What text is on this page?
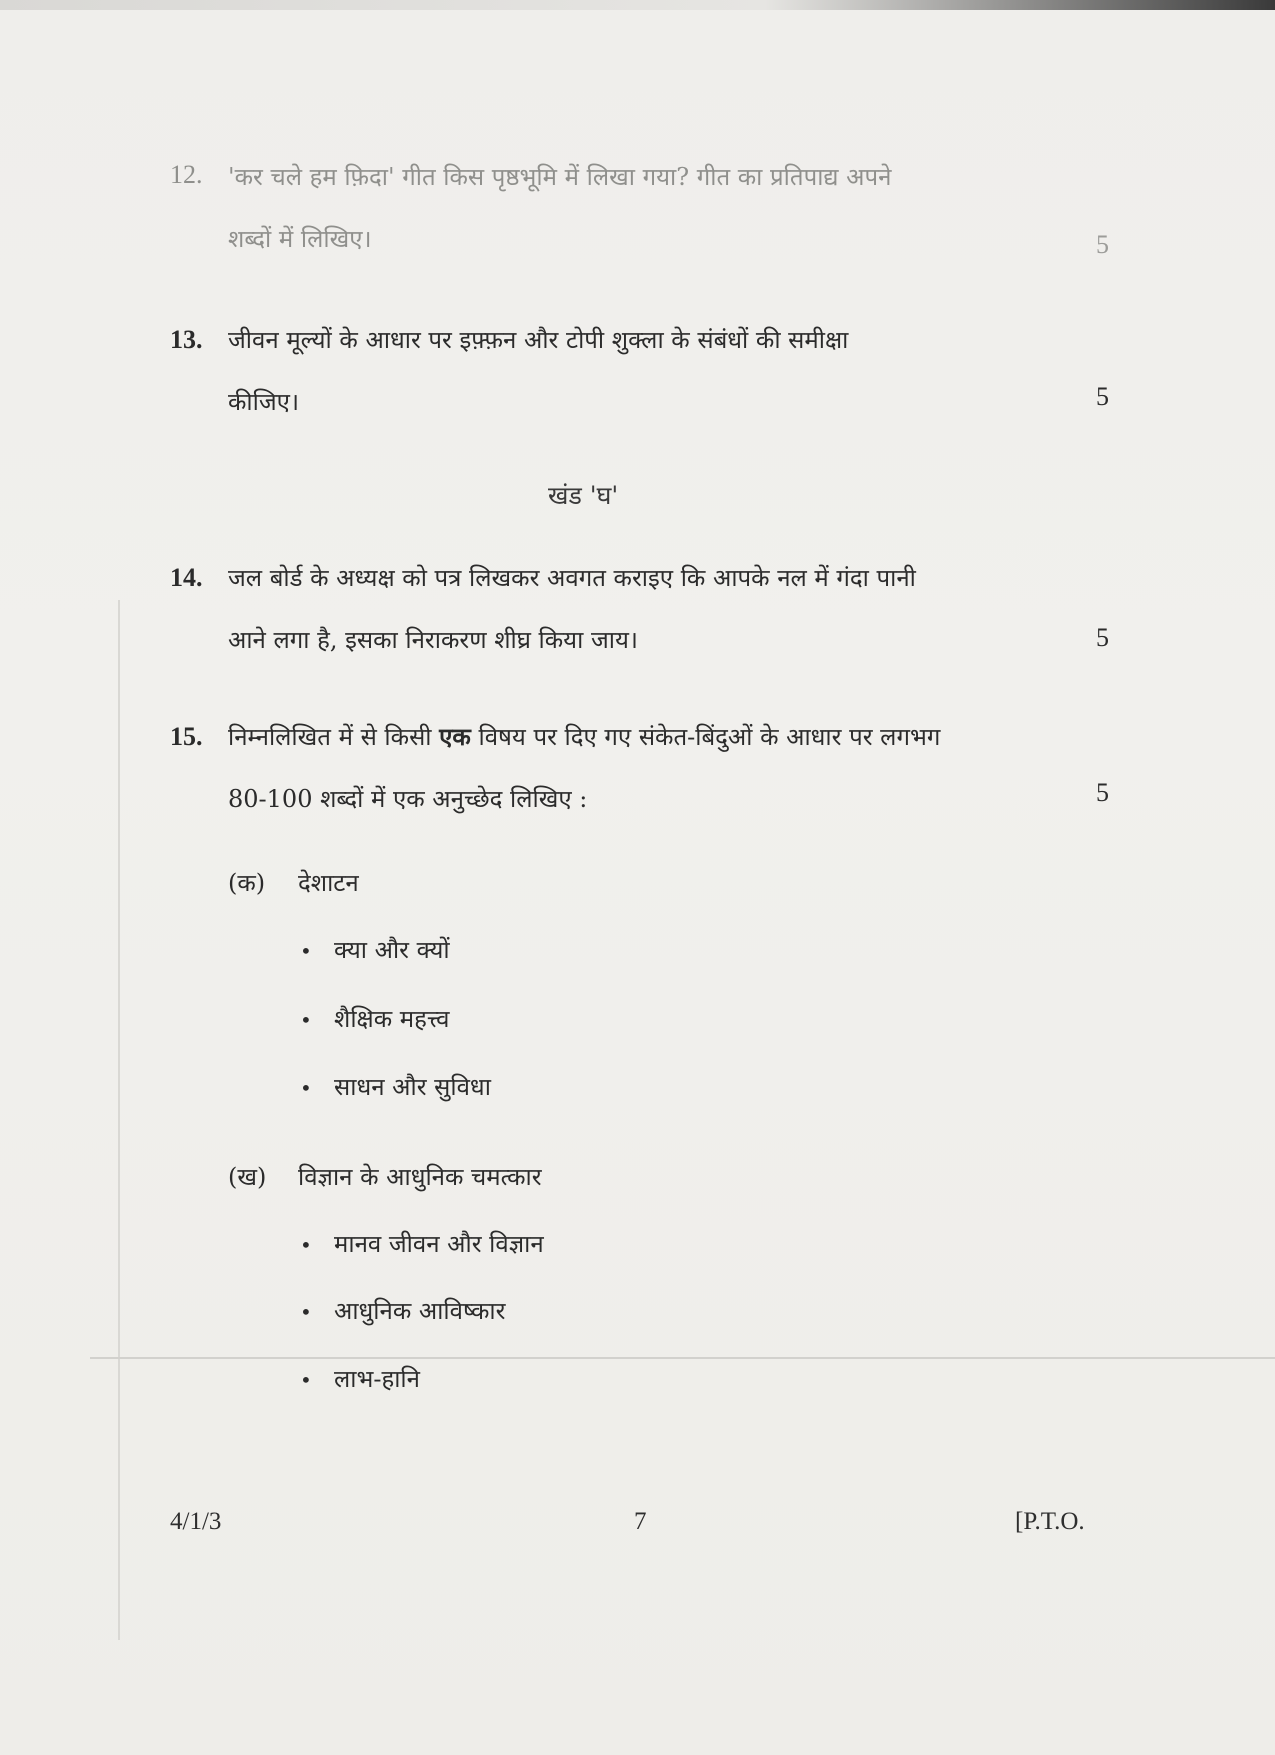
12. 'कर चले हम फ़िदा' गीत किस पृष्ठभूमि में लिखा गया? गीत का प्रतिपाद्य अपने
शब्दों में लिखिए।	5
13. जीवन मूल्यों के आधार पर इफ़्फ़न और टोपी शुक्ला के संबंधों की समीक्षा
कीजिए।	5
खंड 'घ'
14. जल बोर्ड के अध्यक्ष को पत्र लिखकर अवगत कराइए कि आपके नल में गंदा पानी
आने लगा है, इसका निराकरण शीघ्र किया जाय।	5
15. निम्नलिखित में से किसी एक विषय पर दिए गए संकेत-बिंदुओं के आधार पर लगभग
80-100 शब्दों में एक अनुच्छेद लिखिए :	5
(क) देशाटन
• क्या और क्यों
• शैक्षिक महत्त्व
• साधन और सुविधा
(ख) विज्ञान के आधुनिक चमत्कार
• मानव जीवन और विज्ञान
• आधुनिक आविष्कार
• लाभ-हानि
4/1/3	7	[P.T.O.
